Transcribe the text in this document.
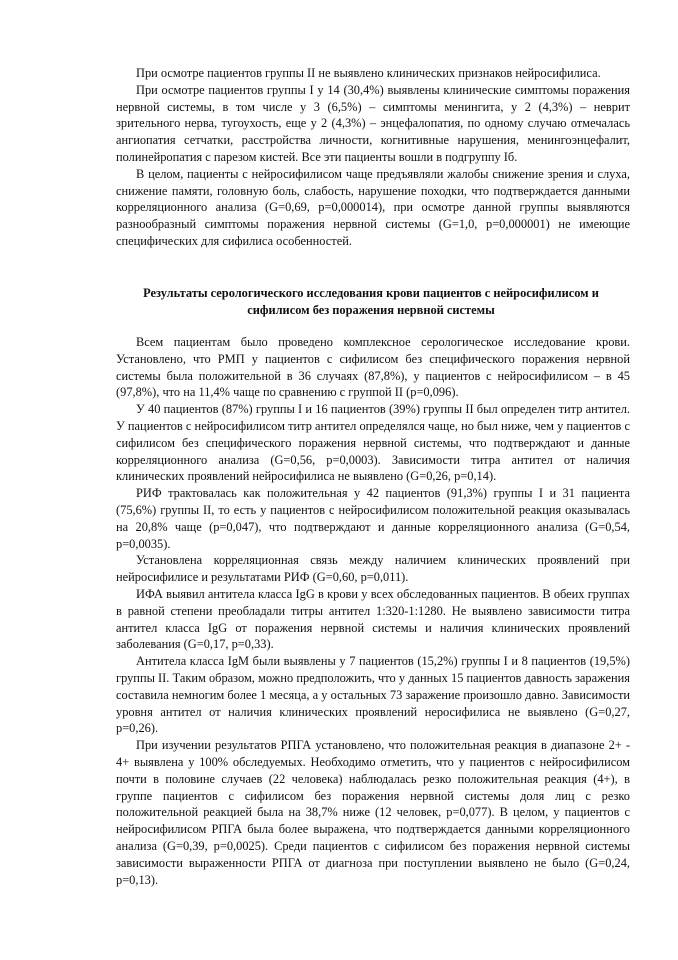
При осмотре пациентов группы II не выявлено клинических признаков нейросифилиса.

При осмотре пациентов группы I у 14 (30,4%) выявлены клинические симптомы поражения нервной системы, в том числе у 3 (6,5%) – симптомы менингита, у 2 (4,3%) – неврит зрительного нерва, тугоухость, еще у 2 (4,3%) – энцефалопатия, по одному случаю отмечалась ангиопатия сетчатки, расстройства личности, когнитивные нарушения, менингоэнцефалит, полинейропатия с парезом кистей. Все эти пациенты вошли в подгруппу Iб.

В целом, пациенты с нейросифилисом чаще предъявляли жалобы снижение зрения и слуха, снижение памяти, головную боль, слабость, нарушение походки, что подтверждается данными корреляционного анализа (G=0,69, p=0,000014), при осмотре данной группы выявляются разнообразный симптомы поражения нервной системы (G=1,0, p=0,000001) не имеющие специфических для сифилиса особенностей.

Результаты серологического исследования крови пациентов с нейросифилисом и сифилисом без поражения нервной системы

Всем пациентам было проведено комплексное серологическое исследование крови. Установлено, что РМП у пациентов с сифилисом без специфического поражения нервной системы была положительной в 36 случаях (87,8%), у пациентов с нейросифилисом – в 45 (97,8%), что на 11,4% чаще по сравнению с группой II (p=0,096).

У 40 пациентов (87%) группы I и 16 пациентов (39%) группы II был определен титр антител. У пациентов с нейросифилисом титр антител определялся чаще, но был ниже, чем у пациентов с сифилисом без специфического поражения нервной системы, что подтверждают и данные корреляционного анализа (G=0,56, p=0,0003). Зависимости титра антител от наличия клинических проявлений нейросифилиса не выявлено (G=0,26, p=0,14).

РИФ трактовалась как положительная у 42 пациентов (91,3%) группы I и 31 пациента (75,6%) группы II, то есть у пациентов с нейросифилисом положительной реакция оказывалась на 20,8% чаще (p=0,047), что подтверждают и данные корреляционного анализа (G=0,54, p=0,0035).

Установлена корреляционная связь между наличием клинических проявлений при нейросифилисе и результатами РИФ (G=0,60, p=0,011).

ИФА выявил антитела класса IgG в крови у всех обследованных пациентов. В обеих группах в равной степени преобладали титры антител 1:320-1:1280. Не выявлено зависимости титра антител класса IgG от поражения нервной системы и наличия клинических проявлений заболевания (G=0,17, p=0,33).

Антитела класса IgM были выявлены у 7 пациентов (15,2%) группы I и 8 пациентов (19,5%) группы II. Таким образом, можно предположить, что у данных 15 пациентов давность заражения составила немногим более 1 месяца, а у остальных 73 заражение произошло давно. Зависимости уровня антител от наличия клинических проявлений неросифилиса не выявлено (G=0,27, p=0,26).

При изучении результатов РПГА установлено, что положительная реакция в диапазоне 2+ - 4+ выявлена у 100% обследуемых. Необходимо отметить, что у пациентов с нейросифилисом почти в половине случаев (22 человека) наблюдалась резко положительная реакция (4+), в группе пациентов с сифилисом без поражения нервной системы доля лиц с резко положительной реакцией была на 38,7% ниже (12 человек, p=0,077). В целом, у пациентов с нейросифилисом РПГА была более выражена, что подтверждается данными корреляционного анализа (G=0,39, p=0,0025). Среди пациентов с сифилисом без поражения нервной системы зависимости выраженности РПГА от диагноза при поступлении выявлено не было (G=0,24, p=0,13).
